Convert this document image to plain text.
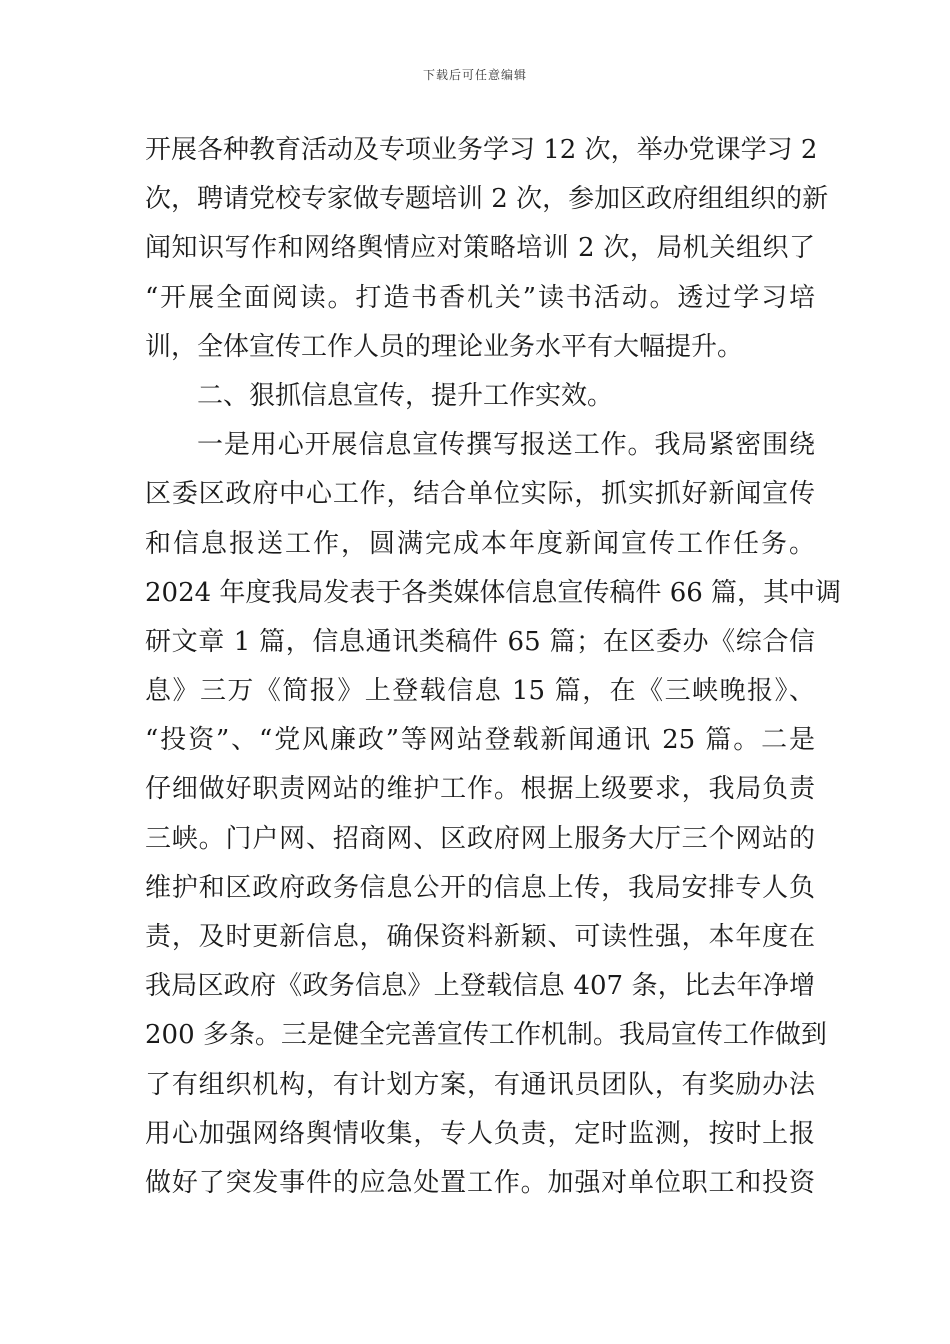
下载后可任意编辑
开展各种教育活动及专项业务学习 12 次，举办党课学习 2
次，聘请党校专家做专题培训 2 次，参加区政府组组织的新
闻知识写作和网络舆情应对策略培训 2 次，局机关组织了
“开展全面阅读。打造书香机关”读书活动。透过学习培
训，全体宣传工作人员的理论业务水平有大幅提升。
二、狠抓信息宣传，提升工作实效。
一是用心开展信息宣传撰写报送工作。我局紧密围绕
区委区政府中心工作，结合单位实际，抓实抓好新闻宣传
和信息报送工作，圆满完成本年度新闻宣传工作任务。
2024 年度我局发表于各类媒体信息宣传稿件 66 篇，其中调
研文章 1 篇，信息通讯类稿件 65 篇；在区委办《综合信
息》三万《简报》上登载信息 15 篇，在《三峡晚报》、
“投资”、“党风廉政”等网站登载新闻通讯 25 篇。二是
仔细做好职责网站的维护工作。根据上级要求，我局负责
三峡。门户网、招商网、区政府网上服务大厅三个网站的
维护和区政府政务信息公开的信息上传，我局安排专人负
责，及时更新信息，确保资料新颖、可读性强，本年度在
我局区政府《政务信息》上登载信息 407 条，比去年净增
200 多条。三是健全完善宣传工作机制。我局宣传工作做到
了有组织机构，有计划方案，有通讯员团队，有奖励办法
用心加强网络舆情收集，专人负责，定时监测，按时上报
做好了突发事件的应急处置工作。加强对单位职工和投资
